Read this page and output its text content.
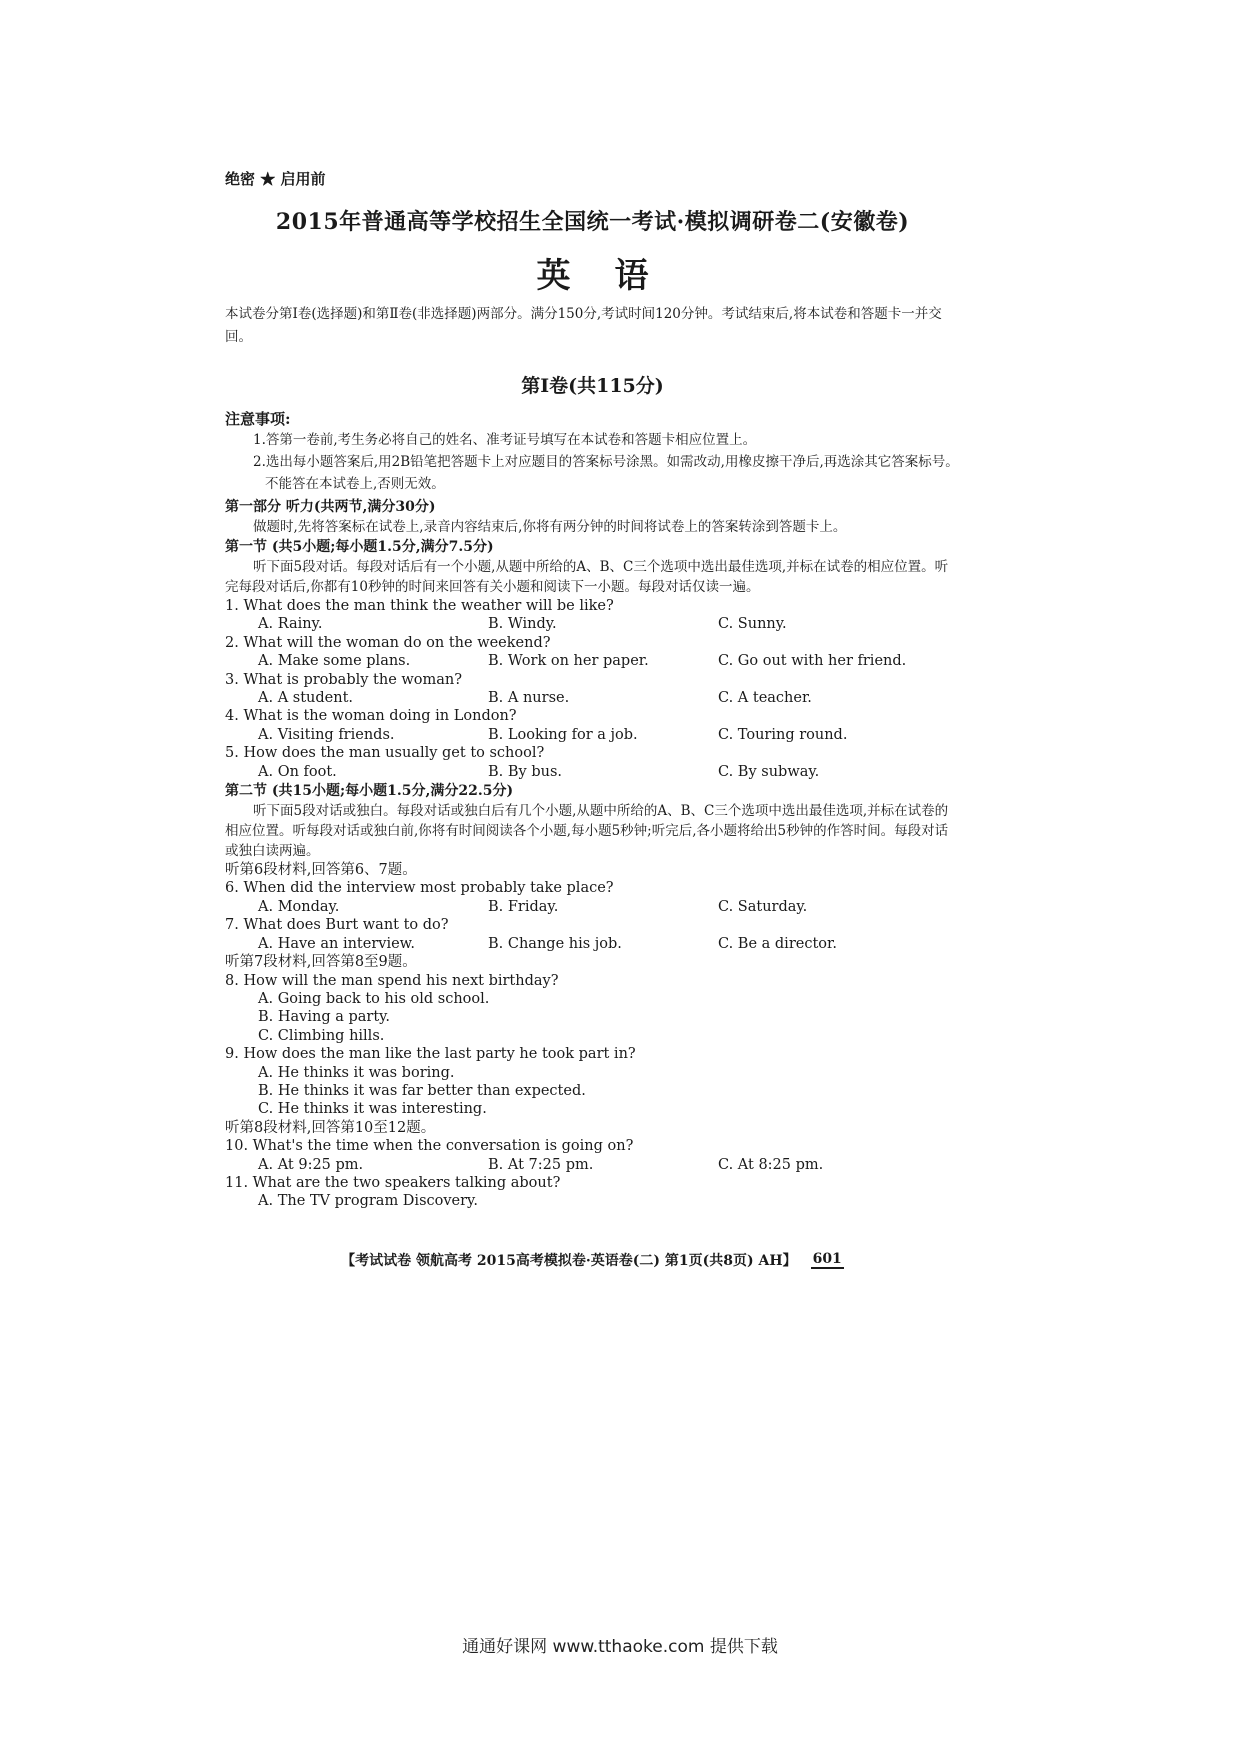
绝密 ★ 启用前
2015年普通高等学校招生全国统一考试·模拟调研卷二(安徽卷)
英语
本试卷分第Ⅰ卷(选择题)和第Ⅱ卷(非选择题)两部分。满分150分,考试时间120分钟。考试结束后,将本试卷和答题卡一并交回。
第Ⅰ卷(共115分)
注意事项:
1.答第一卷前,考生务必将自己的姓名、准考证号填写在本试卷和答题卡相应位置上。
2.选出每小题答案后,用2B铅笔把答题卡上对应题目的答案标号涂黑。如需改动,用橡皮擦干净后,再选涂其它答案标号。不能答在本试卷上,否则无效。
第一部分 听力(共两节,满分30分)
做题时,先将答案标在试卷上,录音内容结束后,你将有两分钟的时间将试卷上的答案转涂到答题卡上。
第一节 (共5小题;每小题1.5分,满分7.5分)
听下面5段对话。每段对话后有一个小题,从题中所给的A、B、C三个选项中选出最佳选项,并标在试卷的相应位置。听完每段对话后,你都有10秒钟的时间来回答有关小题和阅读下一小题。每段对话仅读一遍。
1. What does the man think the weather will be like?
A. Rainy.	B. Windy.	C. Sunny.
2. What will the woman do on the weekend?
A. Make some plans.	B. Work on her paper.	C. Go out with her friend.
3. What is probably the woman?
A. A student.	B. A nurse.	C. A teacher.
4. What is the woman doing in London?
A. Visiting friends.	B. Looking for a job.	C. Touring round.
5. How does the man usually get to school?
A. On foot.	B. By bus.	C. By subway.
第二节 (共15小题;每小题1.5分,满分22.5分)
听下面5段对话或独白。每段对话或独白后有几个小题,从题中所给的A、B、C三个选项中选出最佳选项,并标在试卷的相应位置。听每段对话或独白前,你将有时间阅读各个小题,每小题5秒钟;听完后,各小题将给出5秒钟的作答时间。每段对话或独白读两遍。
听第6段材料,回答第6、7题。
6. When did the interview most probably take place?
A. Monday.	B. Friday.	C. Saturday.
7. What does Burt want to do?
A. Have an interview.	B. Change his job.	C. Be a director.
听第7段材料,回答第8至9题。
8. How will the man spend his next birthday?
A. Going back to his old school.
B. Having a party.
C. Climbing hills.
9. How does the man like the last party he took part in?
A. He thinks it was boring.
B. He thinks it was far better than expected.
C. He thinks it was interesting.
听第8段材料,回答第10至12题。
10. What's the time when the conversation is going on?
A. At 9:25 pm.	B. At 7:25 pm.	C. At 8:25 pm.
11. What are the two speakers talking about?
A. The TV program Discovery.
【考试试卷 领航高考 2015高考模拟卷·英语卷(二) 第1页(共8页) AH】 601
通通好课网 www.tthaoke.com 提供下载
